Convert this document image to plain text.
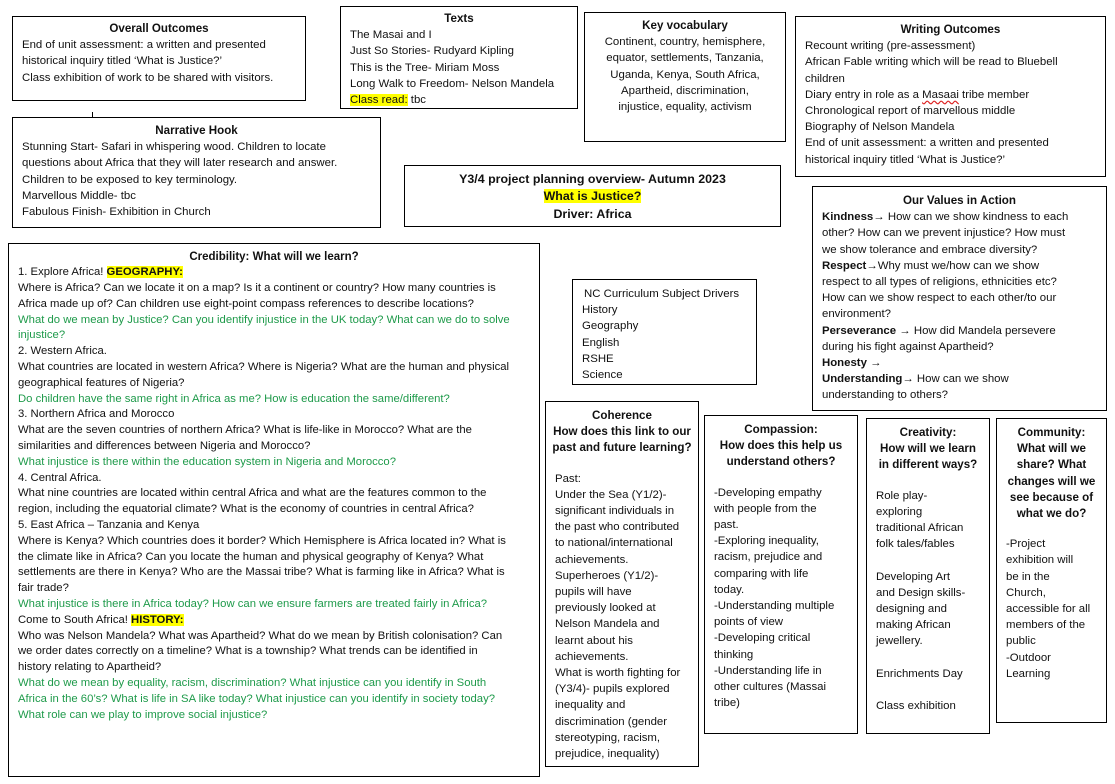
Overall Outcomes
End of unit assessment: a written and presented
historical inquiry titled ‘What is Justice?’
Class exhibition of work to be shared with visitors.
Texts
The Masai and I
Just So Stories- Rudyard Kipling
This is the Tree- Miriam Moss
Long Walk to Freedom- Nelson Mandela
Class read: tbc
Key vocabulary
Continent, country, hemisphere,
equator, settlements, Tanzania,
Uganda, Kenya, South Africa,
Apartheid, discrimination,
injustice, equality, activism
Writing Outcomes
Recount writing (pre-assessment)
African Fable writing which will be read to Bluebell
children
Diary entry in role as a Masaai tribe member
Chronological report of marvellous middle
Biography of Nelson Mandela
End of unit assessment: a written and presented
historical inquiry titled ‘What is Justice?’
Narrative Hook
Stunning Start- Safari in whispering wood. Children to locate
questions about Africa that they will later research and answer.
Children to be exposed to key terminology.
Marvellous Middle- tbc
Fabulous Finish- Exhibition in Church
Y3/4 project planning overview- Autumn 2023
What is Justice?
Driver: Africa
Our Values in Action
Kindness→ How can we show kindness to each
other? How can we prevent injustice? How must
we show tolerance and embrace diversity?
Respect→Why must we/how can we show
respect to all types of religions, ethnicities etc?
How can we show respect to each other/to our
environment?
Perseverance → How did Mandela persevere
during his fight against Apartheid?
Honesty →
Understanding→ How can we show
understanding to others?
Credibility: What will we learn?
1. Explore Africa! GEOGRAPHY:
Where is Africa? Can we locate it on a map? Is it a continent or country? How many countries is
Africa made up of? Can children use eight-point compass references to describe locations?
What do we mean by Justice? Can you identify injustice in the UK today? What can we do to solve
injustice?
2. Western Africa.
What countries are located in western Africa? Where is Nigeria? What are the human and physical
geographical features of Nigeria?
Do children have the same right in Africa as me? How is education the same/different?
3. Northern Africa and Morocco
What are the seven countries of northern Africa? What is life-like in Morocco? What are the
similarities and differences between Nigeria and Morocco?
What injustice is there within the education system in Nigeria and Morocco?
4. Central Africa.
What nine countries are located within central Africa and what are the features common to the
region, including the equatorial climate? What is the economy of countries in central Africa?
5. East Africa – Tanzania and Kenya
Where is Kenya? Which countries does it border? Which Hemisphere is Africa located in? What is
the climate like in Africa? Can you locate the human and physical geography of Kenya? What
settlements are there in Kenya? Who are the Massai tribe? What is farming like in Africa? What is
fair trade?
What injustice is there in Africa today? How can we ensure farmers are treated fairly in Africa?
Come to South Africa! HISTORY:
Who was Nelson Mandela? What was Apartheid? What do we mean by British colonisation? Can
we order dates correctly on a timeline? What is a township? What trends can be identified in
history relating to Apartheid?
What do we mean by equality, racism, discrimination? What injustice can you identify in South
Africa in the 60’s? What is life in SA like today? What injustice can you identify in society today?
What role can we play to improve social injustice?
NC Curriculum Subject Drivers
History
Geography
English
RSHE
Science
Coherence
How does this link to our
past and future learning?
Past:
Under the Sea (Y1/2)-
significant individuals in
the past who contributed
to national/international
achievements.
Superheroes (Y1/2)-
pupils will have
previously looked at
Nelson Mandela and
learnt about his
achievements.
What is worth fighting for
(Y3/4)- pupils explored
inequality and
discrimination (gender
stereotyping, racism,
prejudice, inequality)
Compassion:
How does this help us
understand others?
-Developing empathy
with people from the
past.
-Exploring inequality,
racism, prejudice and
comparing with life
today.
-Understanding multiple
points of view
-Developing critical
thinking
-Understanding life in
other cultures (Massai
tribe)
Creativity:
How will we learn
in different ways?
Role play-
exploring
traditional African
folk tales/fables
Developing Art
and Design skills-
designing and
making African
jewellery.
Enrichments Day
Class exhibition
Community:
What will we
share? What
changes will we
see because of
what we do?
-Project
exhibition will
be in the
Church,
accessible for all
members of the
public
-Outdoor
Learning
